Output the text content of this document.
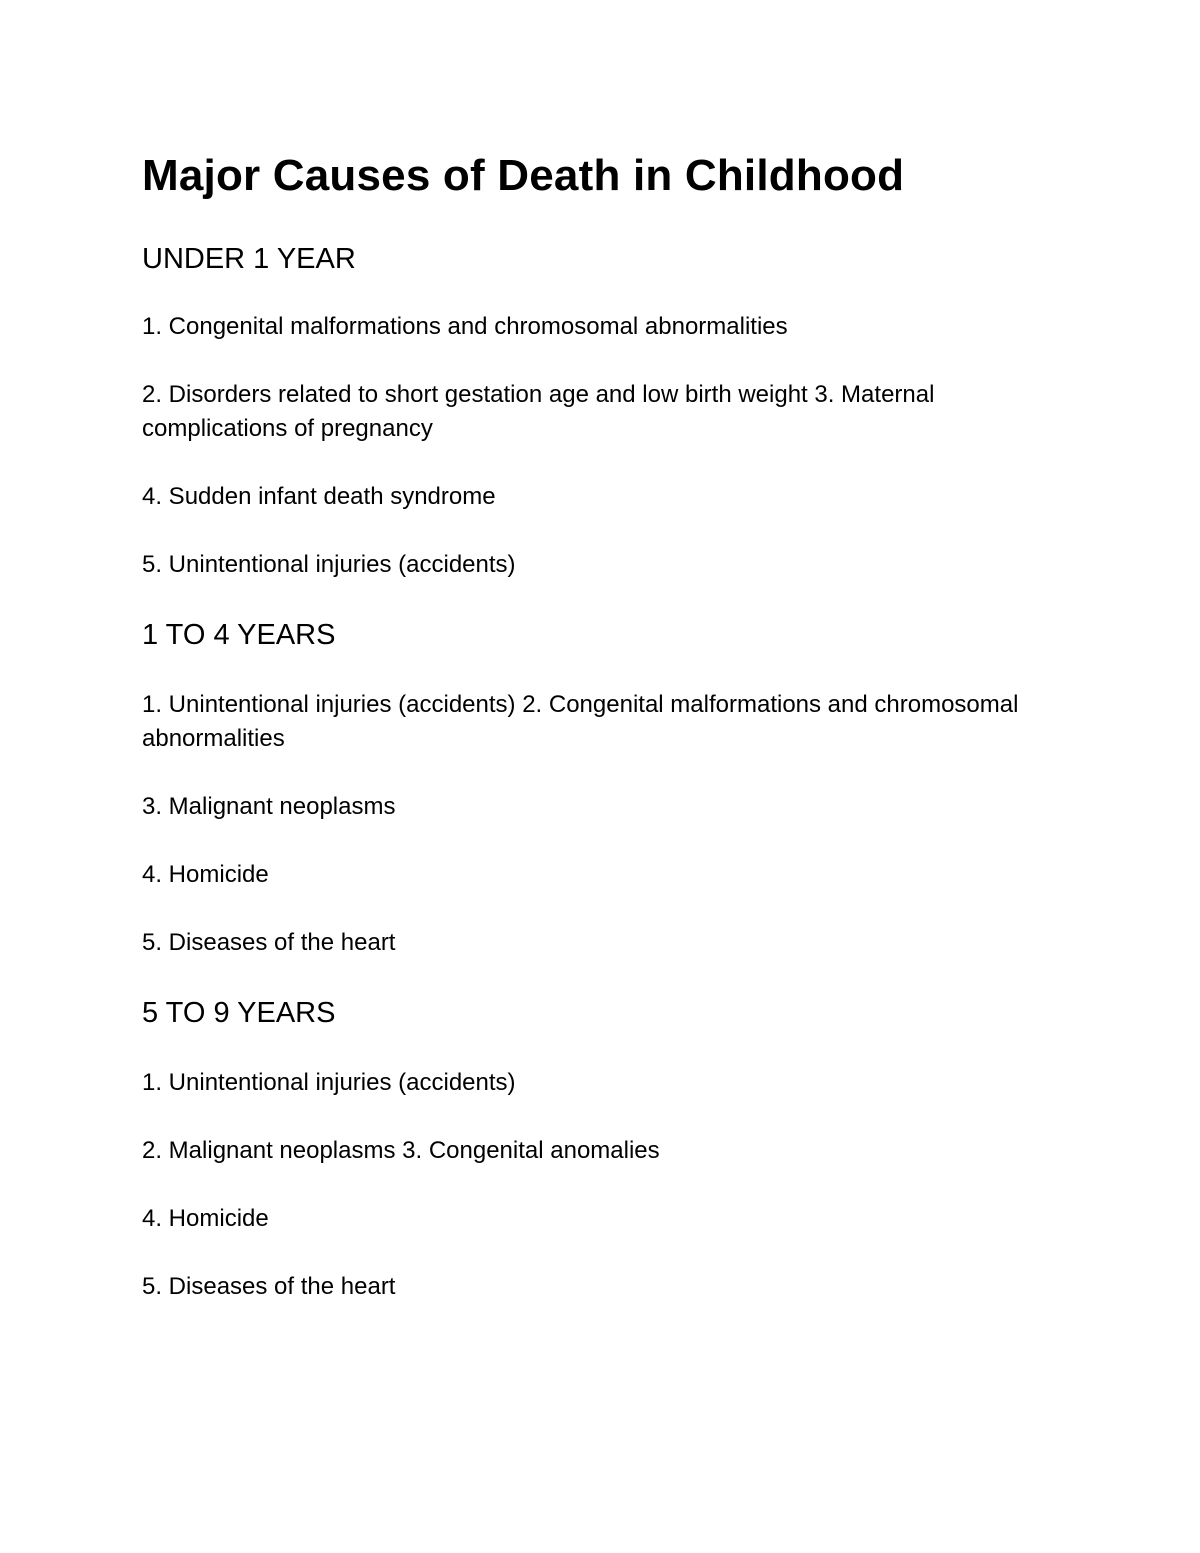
Major Causes of Death in Childhood
UNDER 1 YEAR

1. Congenital malformations and chromosomal abnormalities

2. Disorders related to short gestation age and low birth weight 3. Maternal complications of pregnancy

4. Sudden infant death syndrome

5. Unintentional injuries (accidents)

1 TO 4 YEARS

1. Unintentional injuries (accidents) 2. Congenital malformations and chromosomal abnormalities

3. Malignant neoplasms

4. Homicide

5. Diseases of the heart

5 TO 9 YEARS

1. Unintentional injuries (accidents)

2. Malignant neoplasms 3. Congenital anomalies

4. Homicide

5. Diseases of the heart
